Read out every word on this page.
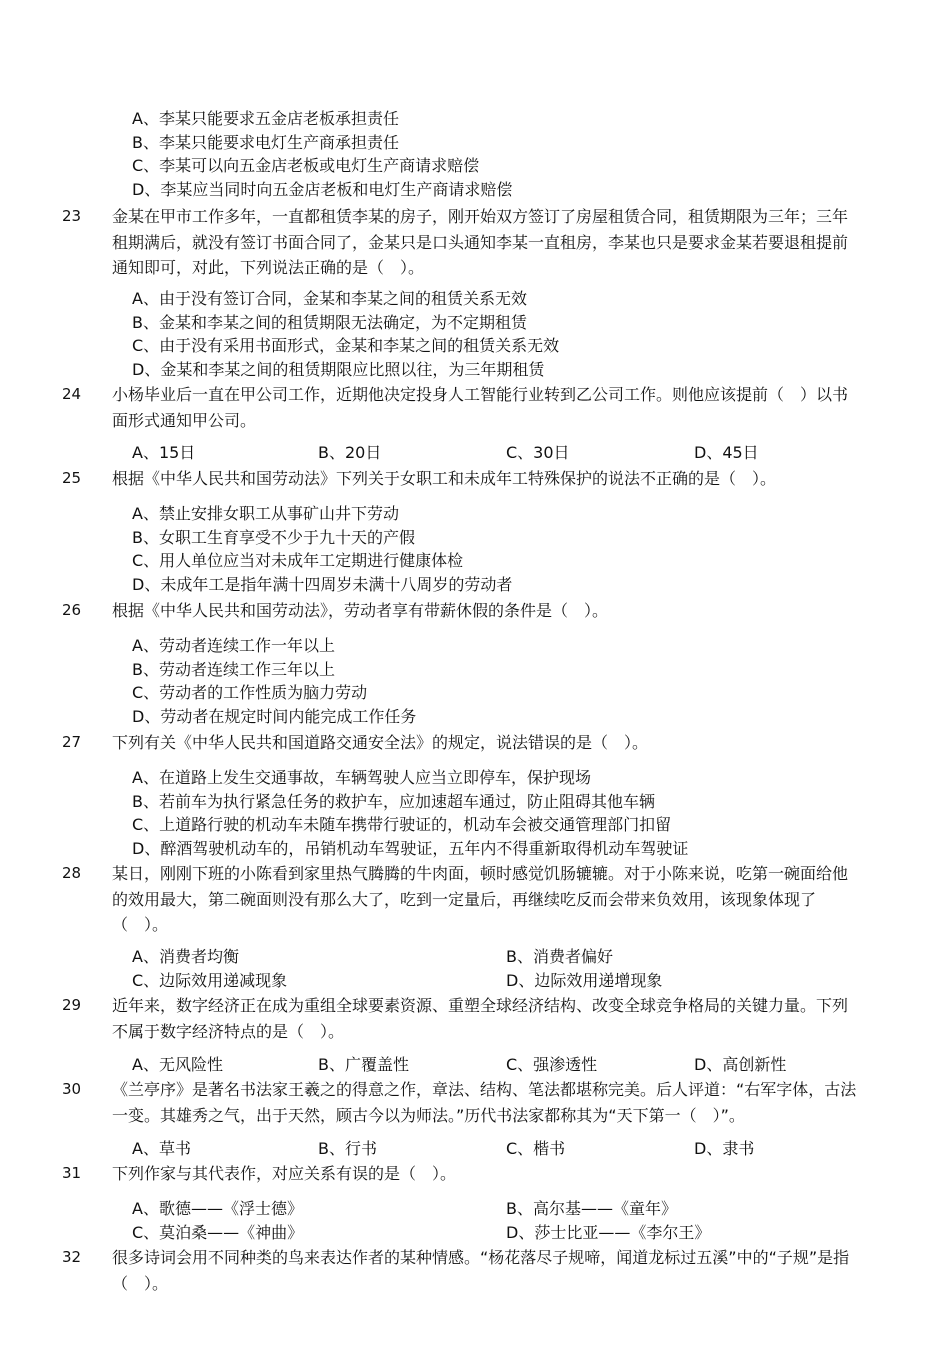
A、李某只能要求五金店老板承担责任
B、李某只能要求电灯生产商承担责任
C、李某可以向五金店老板或电灯生产商请求赔偿
D、李某应当同时向五金店老板和电灯生产商请求赔偿
23	金某在甲市工作多年，一直都租赁李某的房子，刚开始双方签订了房屋租赁合同，租赁期限为三年；三年租期满后，就没有签订书面合同了，金某只是口头通知李某一直租房，李某也只是要求金某若要退租提前通知即可，对此，下列说法正确的是（　）。
A、由于没有签订合同，金某和李某之间的租赁关系无效
B、金某和李某之间的租赁期限无法确定，为不定期租赁
C、由于没有采用书面形式，金某和李某之间的租赁关系无效
D、金某和李某之间的租赁期限应比照以往，为三年期租赁
24	小杨毕业后一直在甲公司工作，近期他决定投身人工智能行业转到乙公司工作。则他应该提前（　）以书面形式通知甲公司。
A、15日	B、20日	C、30日	D、45日
25	根据《中华人民共和国劳动法》下列关于女职工和未成年工特殊保护的说法不正确的是（　）。
A、禁止安排女职工从事矿山井下劳动
B、女职工生育享受不少于九十天的产假
C、用人单位应当对未成年工定期进行健康体检
D、未成年工是指年满十四周岁未满十八周岁的劳动者
26	根据《中华人民共和国劳动法》，劳动者享有带薪休假的条件是（　）。
A、劳动者连续工作一年以上
B、劳动者连续工作三年以上
C、劳动者的工作性质为脑力劳动
D、劳动者在规定时间内能完成工作任务
27	下列有关《中华人民共和国道路交通安全法》的规定，说法错误的是（　）。
A、在道路上发生交通事故，车辆驾驶人应当立即停车，保护现场
B、若前车为执行紧急任务的救护车，应加速超车通过，防止阻碍其他车辆
C、上道路行驶的机动车未随车携带行驶证的，机动车会被交通管理部门扣留
D、醉酒驾驶机动车的，吊销机动车驾驶证，五年内不得重新取得机动车驾驶证
28	某日，刚刚下班的小陈看到家里热气腾腾的牛肉面，顿时感觉饥肠辘辘。对于小陈来说，吃第一碗面给他的效用最大，第二碗面则没有那么大了，吃到一定量后，再继续吃反而会带来负效用，该现象体现了（　）。
A、消费者均衡	B、消费者偏好
C、边际效用递减现象	D、边际效用递增现象
29	近年来，数字经济正在成为重组全球要素资源、重塑全球经济结构、改变全球竞争格局的关键力量。下列不属于数字经济特点的是（　）。
A、无风险性	B、广覆盖性	C、强渗透性	D、高创新性
30	《兰亭序》是著名书法家王羲之的得意之作，章法、结构、笔法都堪称完美。后人评道：“右军字体，古法一变。其雄秀之气，出于天然，顾古今以为师法。”历代书法家都称其为“天下第一（　）”。
A、草书	B、行书	C、楷书	D、隶书
31	下列作家与其代表作，对应关系有误的是（　）。
A、歌德——《浮士德》	B、高尔基——《童年》
C、莫泊桑——《神曲》	D、莎士比亚——《李尔王》
32	很多诗词会用不同种类的鸟来表达作者的某种情感。“杨花落尽子规啼，闻道龙标过五溪”中的“子规”是指（　）。
